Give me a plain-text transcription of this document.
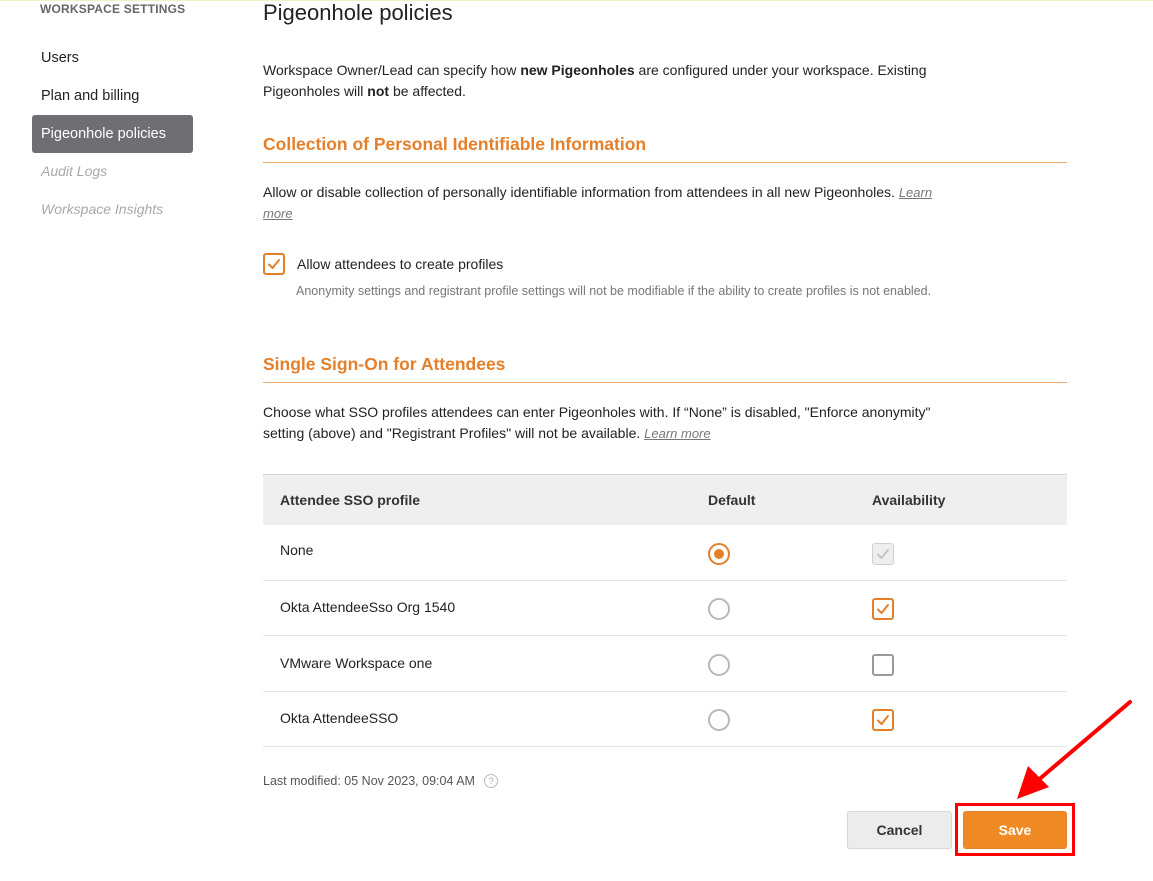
WORKSPACE SETTINGS
Users
Plan and billing
Pigeonhole policies
Audit Logs
Workspace Insights
Pigeonhole policies

Workspace Owner/Lead can specify how new Pigeonholes are configured under your workspace. Existing Pigeonholes will not be affected.

Collection of Personal Identifiable Information

Allow or disable collection of personally identifiable information from attendees in all new Pigeonholes. Learn more

Allow attendees to create profiles
Anonymity settings and registrant profile settings will not be modifiable if the ability to create profiles is not enabled.
Single Sign-On for Attendees

Choose what SSO profiles attendees can enter Pigeonholes with. If “None” is disabled, "Enforce anonymity" setting (above) and "Registrant Profiles" will not be available. Learn more

Attendee SSO profile	Default	Availability
None
Okta AttendeeSso Org 1540
VMware Workspace one
Okta AttendeeSSO
Last modified: 05 Nov 2023, 09:04 AM	?
Cancel	Save
